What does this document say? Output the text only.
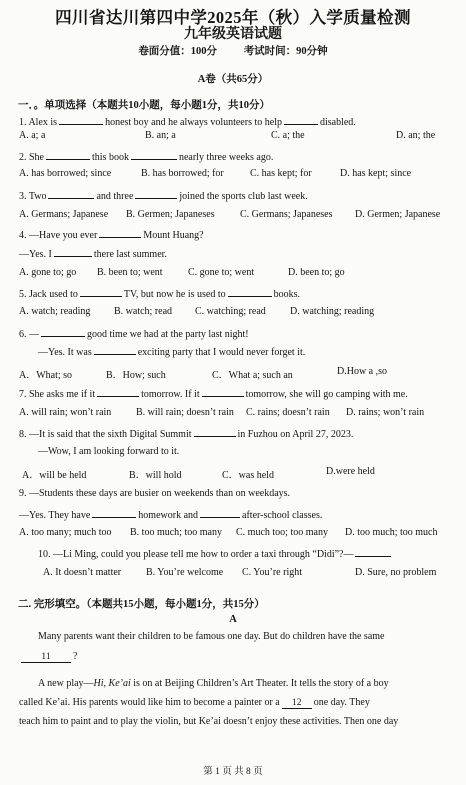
四川省达川第四中学2025年（秋）入学质量检测
九年级英语试题
卷面分值：100分	考试时间：90分钟
A卷（共65分）
一．。单项选择（本题共10小题，每小题1分，共10分）
1. Alex is	honest boy and he always volunteers to help	disabled.
A. a; a	B. an; a	C. a; the	D. an; the
2. She	this book	nearly three weeks ago.
A. has borrowed; since	B. has borrowed; for	C. has kept; for	D. has kept; since
3. Two	and three	joined the sports club last week.
A. Germans; Japanese B. Germen; Japaneses	C. Germans; Japaneses D. Germen; Japanese
4. —Have you ever	Mount Huang?
—Yes. I	there last summer.
A. gone to; go B. been to; went	C. gone to; went	D. been to; go
5. Jack used to	TV, but now he is used to	books.
A. watch; reading B. watch; read C. watching; read D. watching; reading
6. —	good time we had at the party last night!
—Yes. It was	exciting party that I would never forget it.
A．What; so	B．How; such	C．What a; such an	D.How a ,so
7. She asks me if it	tomorrow. If it	tomorrow, she will go camping with me.
A. will rain; won’t rain B. will rain; doesn’t rain C. rains; doesn’t rain D. rains; won’t rain
8. —It is said that the sixth Digital Summit	in Fuzhou on April 27, 2023.
—Wow, I am looking forward to it.
A．will be held	B．will hold	C．was held	D.were held
9. —Students these days are busier on weekends than on weekdays.
—Yes. They have	homework and	after-school classes.
A. too many; much too B. too much; too many C. much too; too many D. too much; too much
10. —Li Ming, could you please tell me how to order a taxi through “Didi”?—
A. It doesn’t matter B. You’re welcome C. You’re right	D. Sure, no problem
二. 完形填空。（本题共15小题，每小题1分，共15分）
A
Many parents want their children to be famous one day. But do children have the same
11 ?
A new play—Hi, Ke’ai is on at Beijing Children’s Art Theater. It tells the story of a boy
called Ke’ai. His parents would like him to become a painter or a 12 one day. They
teach him to paint and to play the violin, but Ke’ai doesn’t enjoy these activities. Then one day
第 1 页 共 8 页
